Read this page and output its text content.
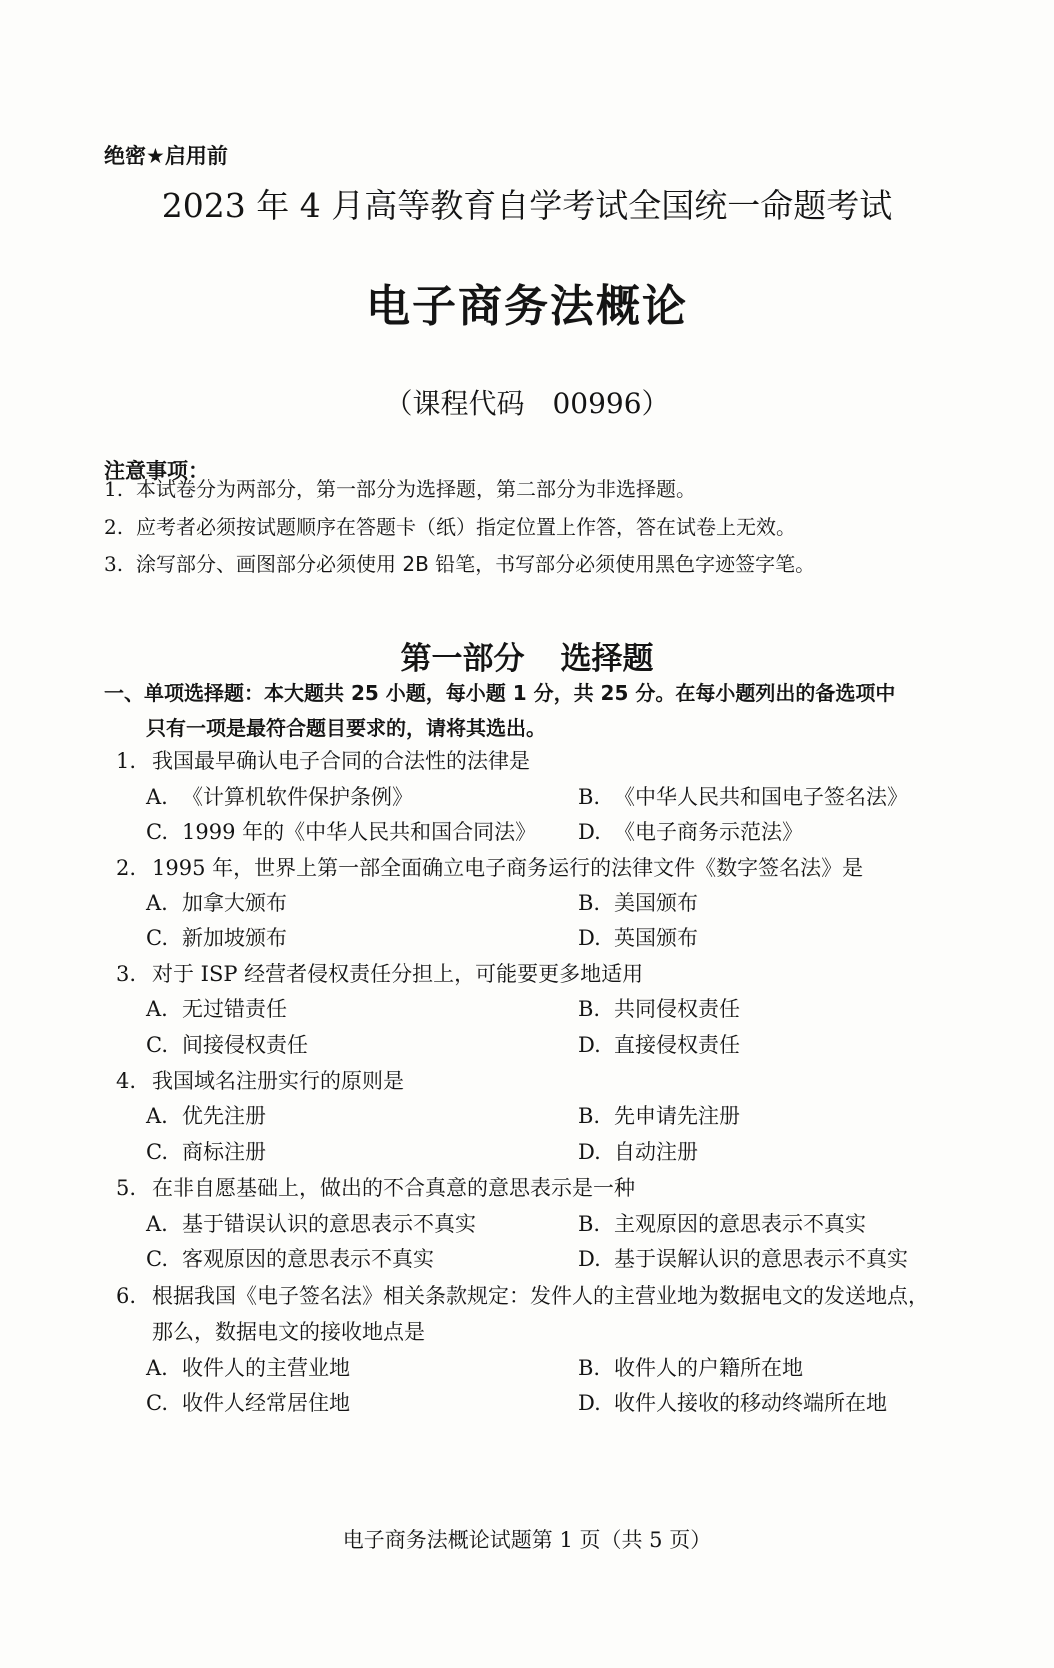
绝密★启用前
2023 年 4 月高等教育自学考试全国统一命题考试
电子商务法概论
（课程代码 00996）
注意事项：
1. 本试卷分为两部分，第一部分为选择题，第二部分为非选择题。
2. 应考者必须按试题顺序在答题卡（纸）指定位置上作答，答在试卷上无效。
3. 涂写部分、画图部分必须使用 2B 铅笔，书写部分必须使用黑色字迹签字笔。
第一部分 选择题
一、单项选择题：本大题共 25 小题，每小题 1 分，共 25 分。在每小题列出的备选项中
只有一项是最符合题目要求的，请将其选出。
1. 我国最早确认电子合同的合法性的法律是
A. 《计算机软件保护条例》	B. 《中华人民共和国电子签名法》
C. 1999 年的《中华人民共和国合同法》 D. 《电子商务示范法》
2. 1995 年，世界上第一部全面确立电子商务运行的法律文件《数字签名法》是
A. 加拿大颁布	B. 美国颁布
C. 新加坡颁布	D. 英国颁布
3. 对于 ISP 经营者侵权责任分担上，可能要更多地适用
A. 无过错责任	B. 共同侵权责任
C. 间接侵权责任	D. 直接侵权责任
4. 我国域名注册实行的原则是
A. 优先注册	B. 先申请先注册
C. 商标注册	D. 自动注册
5. 在非自愿基础上，做出的不合真意的意思表示是一种
A. 基于错误认识的意思表示不真实	B. 主观原因的意思表示不真实
C. 客观原因的意思表示不真实	D. 基于误解认识的意思表示不真实
6. 根据我国《电子签名法》相关条款规定：发件人的主营业地为数据电文的发送地点，
那么，数据电文的接收地点是
A. 收件人的主营业地	B. 收件人的户籍所在地
C. 收件人经常居住地	D. 收件人接收的移动终端所在地
电子商务法概论试题第 1 页（共 5 页）
